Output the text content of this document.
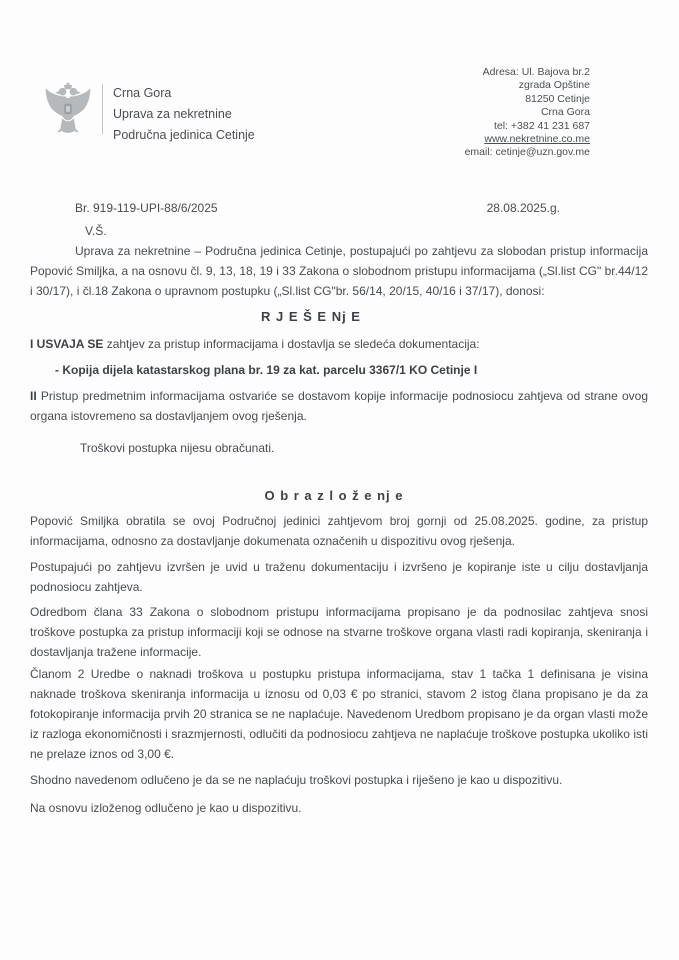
Crna Gora
Uprava za nekretnine
Područna jedinica Cetinje
Adresa: Ul. Bajova br.2
zgrada Opštine
81250 Cetinje
Crna Gora
tel: +382 41 231 687
www.nekretnine.co.me
email: cetinje@uzn.gov.me
Br. 919-119-UPI-88/6/2025	28.08.2025.g.
V.Š.

Uprava za nekretnine – Područna jedinica Cetinje, postupajući po zahtjevu za slobodan pristup informacija Popović Smiljka, a na osnovu čl. 9, 13, 18, 19 i 33 Zakona o slobodnom pristupu informacijama („Sl.list CG" br.44/12 i 30/17), i čl.18 Zakona o upravnom postupku („Sl.list CG"br. 56/14, 20/15, 40/16 i 37/17), donosi:

R J E Š E Nj E

I USVAJA SE zahtjev za pristup informacijama i dostavlja se sledeća dokumentacija:

- Kopija dijela katastarskog plana br. 19 za kat. parcelu 3367/1 KO Cetinje I

II Pristup predmetnim informacijama ostvariće se dostavom kopije informacije podnosiocu zahtjeva od strane ovog organa istovremeno sa dostavljanjem ovog rješenja.

Troškovi postupka nijesu obračunati.

O b r a z l o ž e nj e

Popović Smiljka obratila se ovoj Područnoj jedinici zahtjevom broj gornji od 25.08.2025. godine, za pristup informacijama, odnosno za dostavljanje dokumenata označenih u dispozitivu ovog rješenja.

Postupajući po zahtjevu izvršen je uvid u traženu dokumentaciju i izvršeno je kopiranje iste u cilju dostavljanja podnosiocu zahtjeva.

Odredbom člana 33 Zakona o slobodnom pristupu informacijama propisano je da podnosilac zahtjeva snosi troškove postupka za pristup informaciji koji se odnose na stvarne troškove organa vlasti radi kopiranja, skeniranja i dostavljanja tražene informacije.

Članom 2 Uredbe o naknadi troškova u postupku pristupa informacijama, stav 1 tačka 1 definisana je visina naknade troškova skeniranja informacija u iznosu od 0,03 € po stranici, stavom 2 istog člana propisano je da za fotokopiranje informacija prvih 20 stranica se ne naplaćuje. Navedenom Uredbom propisano je da organ vlasti može iz razloga ekonomičnosti i srazmjernosti, odlučiti da podnosiocu zahtjeva ne naplaćuje troškove postupka ukoliko isti ne prelaze iznos od 3,00 €.

Shodno navedenom odlučeno je da se ne naplaćuju troškovi postupka i riješeno je kao u dispozitivu.

Na osnovu izloženog odlučeno je kao u dispozitivu.
